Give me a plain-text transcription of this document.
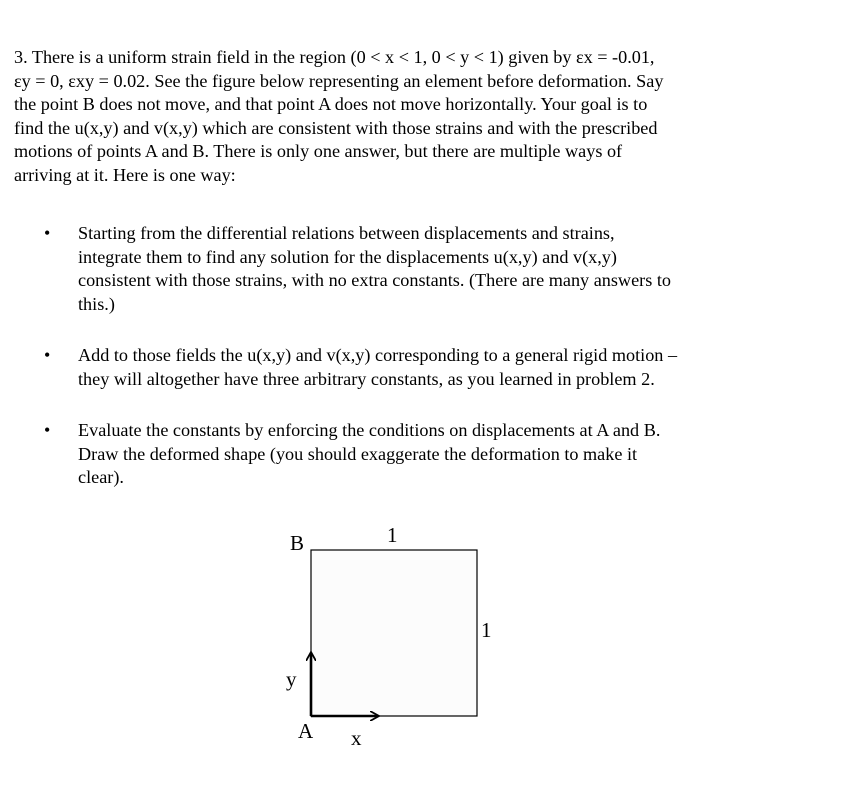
3. There is a uniform strain field in the region (0 < x < 1, 0 < y < 1) given by εx = -0.01,
εy = 0, εxy = 0.02. See the figure below representing an element before deformation. Say
the point B does not move, and that point A does not move horizontally. Your goal is to
find the u(x,y) and v(x,y) which are consistent with those strains and with the prescribed
motions of points A and B. There is only one answer, but there are multiple ways of
arriving at it. Here is one way:
• Starting from the differential relations between displacements and strains,
integrate them to find any solution for the displacements u(x,y) and v(x,y)
consistent with those strains, with no extra constants. (There are many answers to
this.)
• Add to those fields the u(x,y) and v(x,y) corresponding to a general rigid motion –
they will altogether have three arbitrary constants, as you learned in problem 2.
• Evaluate the constants by enforcing the conditions on displacements at A and B.
Draw the deformed shape (you should exaggerate the deformation to make it
clear).
B	1
1
y
A x
